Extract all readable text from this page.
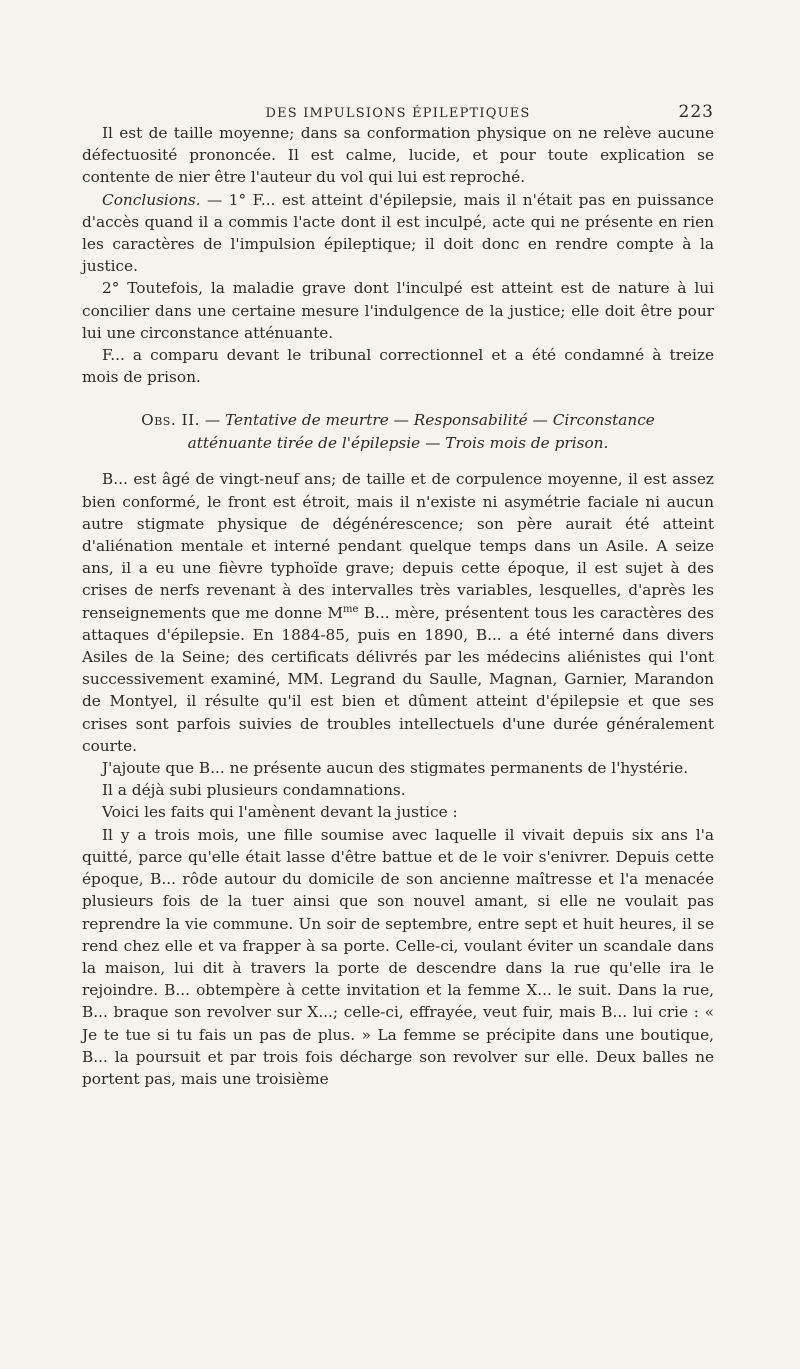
DES IMPULSIONS ÉPILEPTIQUES	223

Il est de taille moyenne; dans sa conformation physique on ne relève aucune défectuosité prononcée. Il est calme, lucide, et pour toute explication se contente de nier être l'auteur du vol qui lui est reproché.

Conclusions. — 1° F... est atteint d'épilepsie, mais il n'était pas en puissance d'accès quand il a commis l'acte dont il est inculpé, acte qui ne présente en rien les caractères de l'impulsion épileptique; il doit donc en rendre compte à la justice.

2° Toutefois, la maladie grave dont l'inculpé est atteint est de nature à lui concilier dans une certaine mesure l'indulgence de la justice; elle doit être pour lui une circonstance atténuante.

F... a comparu devant le tribunal correctionnel et a été condamné à treize mois de prison.

Obs. II. — Tentative de meurtre — Responsabilité — Circonstance
atténuante tirée de l'épilepsie — Trois mois de prison.

B... est âgé de vingt-neuf ans; de taille et de corpulence moyenne, il est assez bien conformé, le front est étroit, mais il n'existe ni asymétrie faciale ni aucun autre stigmate physique de dégénérescence; son père aurait été atteint d'aliénation mentale et interné pendant quelque temps dans un Asile. A seize ans, il a eu une fièvre typhoïde grave; depuis cette époque, il est sujet à des crises de nerfs revenant à des intervalles très variables, lesquelles, d'après les renseignements que me donne $M^{me}$ B... mère, présentent tous les caractères des attaques d'épilepsie. En 1884-85, puis en 1890, B... a été interné dans divers Asiles de la Seine; des certificats délivrés par les médecins aliénistes qui l'ont successivement examiné, MM. Legrand du Saulle, Magnan, Garnier, Marandon de Montyel, il résulte qu'il est bien et dûment atteint d'épilepsie et que ses crises sont parfois suivies de troubles intellectuels d'une durée généralement courte.

J'ajoute que B... ne présente aucun des stigmates permanents de l'hystérie.

Il a déjà subi plusieurs condamnations.

Voici les faits qui l'amènent devant la justice :

Il y a trois mois, une fille soumise avec laquelle il vivait depuis six ans l'a quitté, parce qu'elle était lasse d'être battue et de le voir s'enivrer. Depuis cette époque, B... rôde autour du domicile de son ancienne maîtresse et l'a menacée plusieurs fois de la tuer ainsi que son nouvel amant, si elle ne voulait pas reprendre la vie commune. Un soir de septembre, entre sept et huit heures, il se rend chez elle et va frapper à sa porte. Celle-ci, voulant éviter un scandale dans la maison, lui dit à travers la porte de descendre dans la rue qu'elle ira le rejoindre. B... obtempère à cette invitation et la femme X... le suit. Dans la rue, B... braque son revolver sur X...; celle-ci, effrayée, veut fuir, mais B... lui crie : « Je te tue si tu fais un pas de plus. » La femme se précipite dans une boutique, B... la poursuit et par trois fois décharge son revolver sur elle. Deux balles ne portent pas, mais une troisième
